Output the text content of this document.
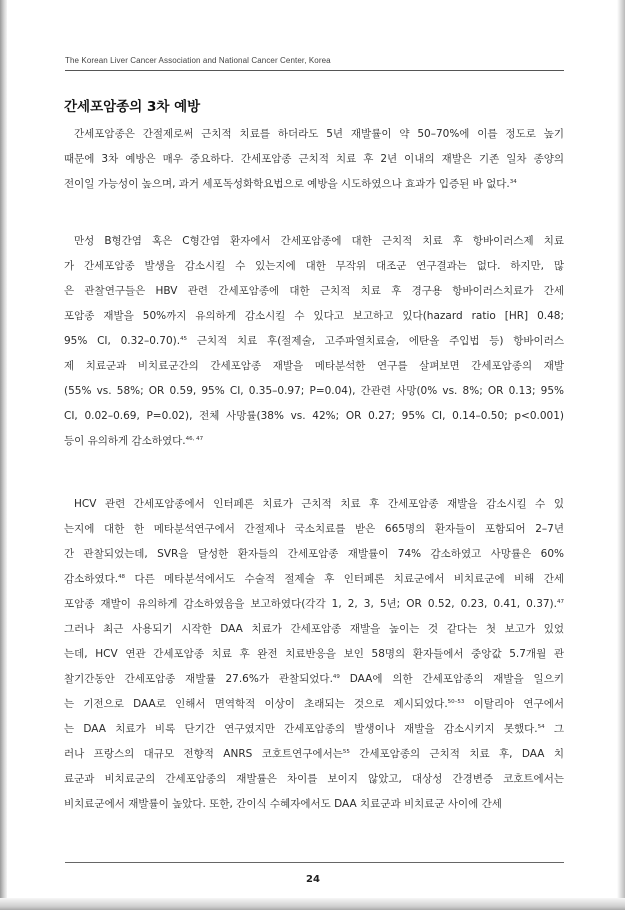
The Korean Liver Cancer Association and National Cancer Center, Korea
간세포암종의 3차 예방
간세포암종은 간절제로써 근치적 치료를 하더라도 5년 재발률이 약 50–70%에 이를 정도로 높기
때문에 3차 예방은 매우 중요하다. 간세포암종 근치적 치료 후 2년 이내의 재발은 기존 일차 종양의
전이일 가능성이 높으며, 과거 세포독성화학요법으로 예방을 시도하였으나 효과가 입증된 바 없다.$^{34}$
만성 B형간염 혹은 C형간염 환자에서 간세포암종에 대한 근치적 치료 후 항바이러스제 치료
가 간세포암종 발생을 감소시킬 수 있는지에 대한 무작위 대조군 연구결과는 없다. 하지만, 많
은 관찰연구들은 HBV 관련 간세포암종에 대한 근치적 치료 후 경구용 항바이러스치료가 간세
포암종 재발을 50%까지 유의하게 감소시킬 수 있다고 보고하고 있다(hazard ratio [HR] 0.48;
95% CI, 0.32–0.70).$^{45}$ 근치적 치료 후(절제술, 고주파열치료술, 에탄올 주입법 등) 항바이러스
제 치료군과 비치료군간의 간세포암종 재발을 메타분석한 연구를 살펴보면 간세포암종의 재발
(55% vs. 58%; OR 0.59, 95% CI, 0.35–0.97; P=0.04), 간관련 사망(0% vs. 8%; OR 0.13; 95%
CI, 0.02–0.69, P=0.02), 전체 사망률(38% vs. 42%; OR 0.27; 95% CI, 0.14–0.50; p<0.001)
등이 유의하게 감소하였다.$^{46, 47}$
HCV 관련 간세포암종에서 인터페론 치료가 근치적 치료 후 간세포암종 재발을 감소시킬 수 있
는지에 대한 한 메타분석연구에서 간절제나 국소치료를 받은 665명의 환자들이 포함되어 2–7년
간 관찰되었는데, SVR을 달성한 환자들의 간세포암종 재발률이 74% 감소하였고 사망률은 60%
감소하였다.$^{48}$ 다른 메타분석에서도 수술적 절제술 후 인터페론 치료군에서 비치료군에 비해 간세
포암종 재발이 유의하게 감소하였음을 보고하였다(각각 1, 2, 3, 5년; OR 0.52, 0.23, 0.41, 0.37).$^{47}$
그러나 최근 사용되기 시작한 DAA 치료가 간세포암종 재발을 높이는 것 같다는 첫 보고가 있었
는데, HCV 연관 간세포암종 치료 후 완전 치료반응을 보인 58명의 환자들에서 중앙값 5.7개월 관
찰기간동안 간세포암종 재발률 27.6%가 관찰되었다.$^{49}$ DAA에 의한 간세포암종의 재발을 일으키
는 기전으로 DAA로 인해서 면역학적 이상이 초래되는 것으로 제시되었다.$^{50-53}$ 이탈리아 연구에서
는 DAA 치료가 비록 단기간 연구였지만 간세포암종의 발생이나 재발을 감소시키지 못했다.$^{54}$ 그
러나 프랑스의 대규모 전향적 ANRS 코호트연구에서는$^{55}$ 간세포암종의 근치적 치료 후, DAA 치
료군과 비치료군의 간세포암종의 재발률은 차이를 보이지 않았고, 대상성 간경변증 코호트에서는
비치료군에서 재발률이 높았다. 또한, 간이식 수혜자에서도 DAA 치료군과 비치료군 사이에 간세
24
